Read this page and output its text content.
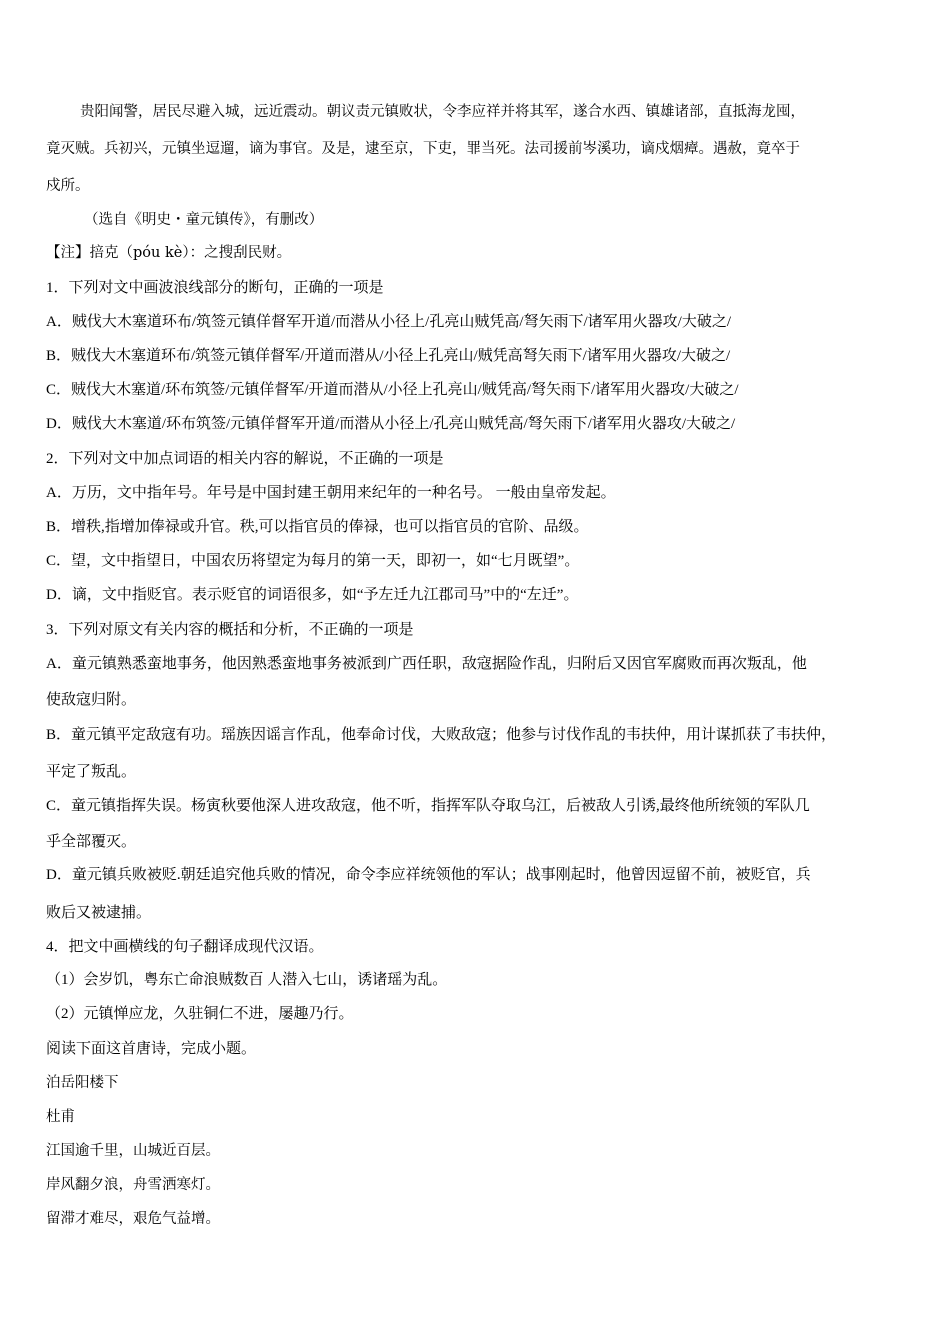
贵阳闻警，居民尽避入城，远近震动。朝议责元镇败状，令李应祥并将其军，遂合水西、镇雄诸部，直抵海龙囤，
竟灭贼。兵初兴，元镇坐逗遛，谪为事官。及是，逮至京，下吏，罪当死。法司援前岑溪功，谪戍烟瘴。遇赦，竟卒于
戍所。
（选自《明史・童元镇传》，有删改）
【注】掊克（póu kè）：之搜刮民财。
1．下列对文中画波浪线部分的断句，正确的一项是
A．贼伐大木塞道环布/筑签元镇佯督军开道/而潜从小径上/孔亮山贼凭高/弩矢雨下/诸军用火器攻/大破之/
B．贼伐大木塞道环布/筑签元镇佯督军/开道而潜从/小径上孔亮山/贼凭高弩矢雨下/诸军用火器攻/大破之/
C．贼伐大木塞道/环布筑签/元镇佯督军/开道而潜从/小径上孔亮山/贼凭高/弩矢雨下/诸军用火器攻/大破之/
D．贼伐大木塞道/环布筑签/元镇佯督军开道/而潜从小径上/孔亮山贼凭高/弩矢雨下/诸军用火器攻/大破之/
2．下列对文中加点词语的相关内容的解说，不正确的一项是
A．万历，文中指年号。年号是中国封建王朝用来纪年的一种名号。 一般由皇帝发起。
B．增秩,指增加俸禄或升官。秩,可以指官员的俸禄，也可以指官员的官阶、品级。
C．望，文中指望日，中国农历将望定为每月的第一天，即初一，如“七月既望”。
D．谪，文中指贬官。表示贬官的词语很多，如“予左迁九江郡司马”中的“左迁”。
3．下列对原文有关内容的概括和分析，不正确的一项是
A．童元镇熟悉蛮地事务，他因熟悉蛮地事务被派到广西任职，敌寇据险作乱，归附后又因官军腐败而再次叛乱，他
使敌寇归附。
B．童元镇平定敌寇有功。瑶族因谣言作乱，他奉命讨伐，大败敌寇；他参与讨伐作乱的韦扶仲，用计谋抓获了韦扶仲，
平定了叛乱。
C．童元镇指挥失误。杨寅秋要他深人进攻敌寇，他不听，指挥军队夺取乌江，后被敌人引诱,最终他所统领的军队几
乎全部覆灭。
D．童元镇兵败被贬.朝廷追究他兵败的情况，命令李应祥统领他的军认；战事刚起时，他曾因逗留不前，被贬官，兵
败后又被逮捕。
4．把文中画横线的句子翻译成现代汉语。
（1）会岁饥，粤东亡命浪贼数百 人潜入七山，诱诸瑶为乱。
（2）元镇惮应龙，久驻铜仁不进，屡趣乃行。
阅读下面这首唐诗，完成小题。
泊岳阳楼下
杜甫
江国逾千里，山城近百层。
岸风翻夕浪，舟雪洒寒灯。
留滞才难尽，艰危气益增。
